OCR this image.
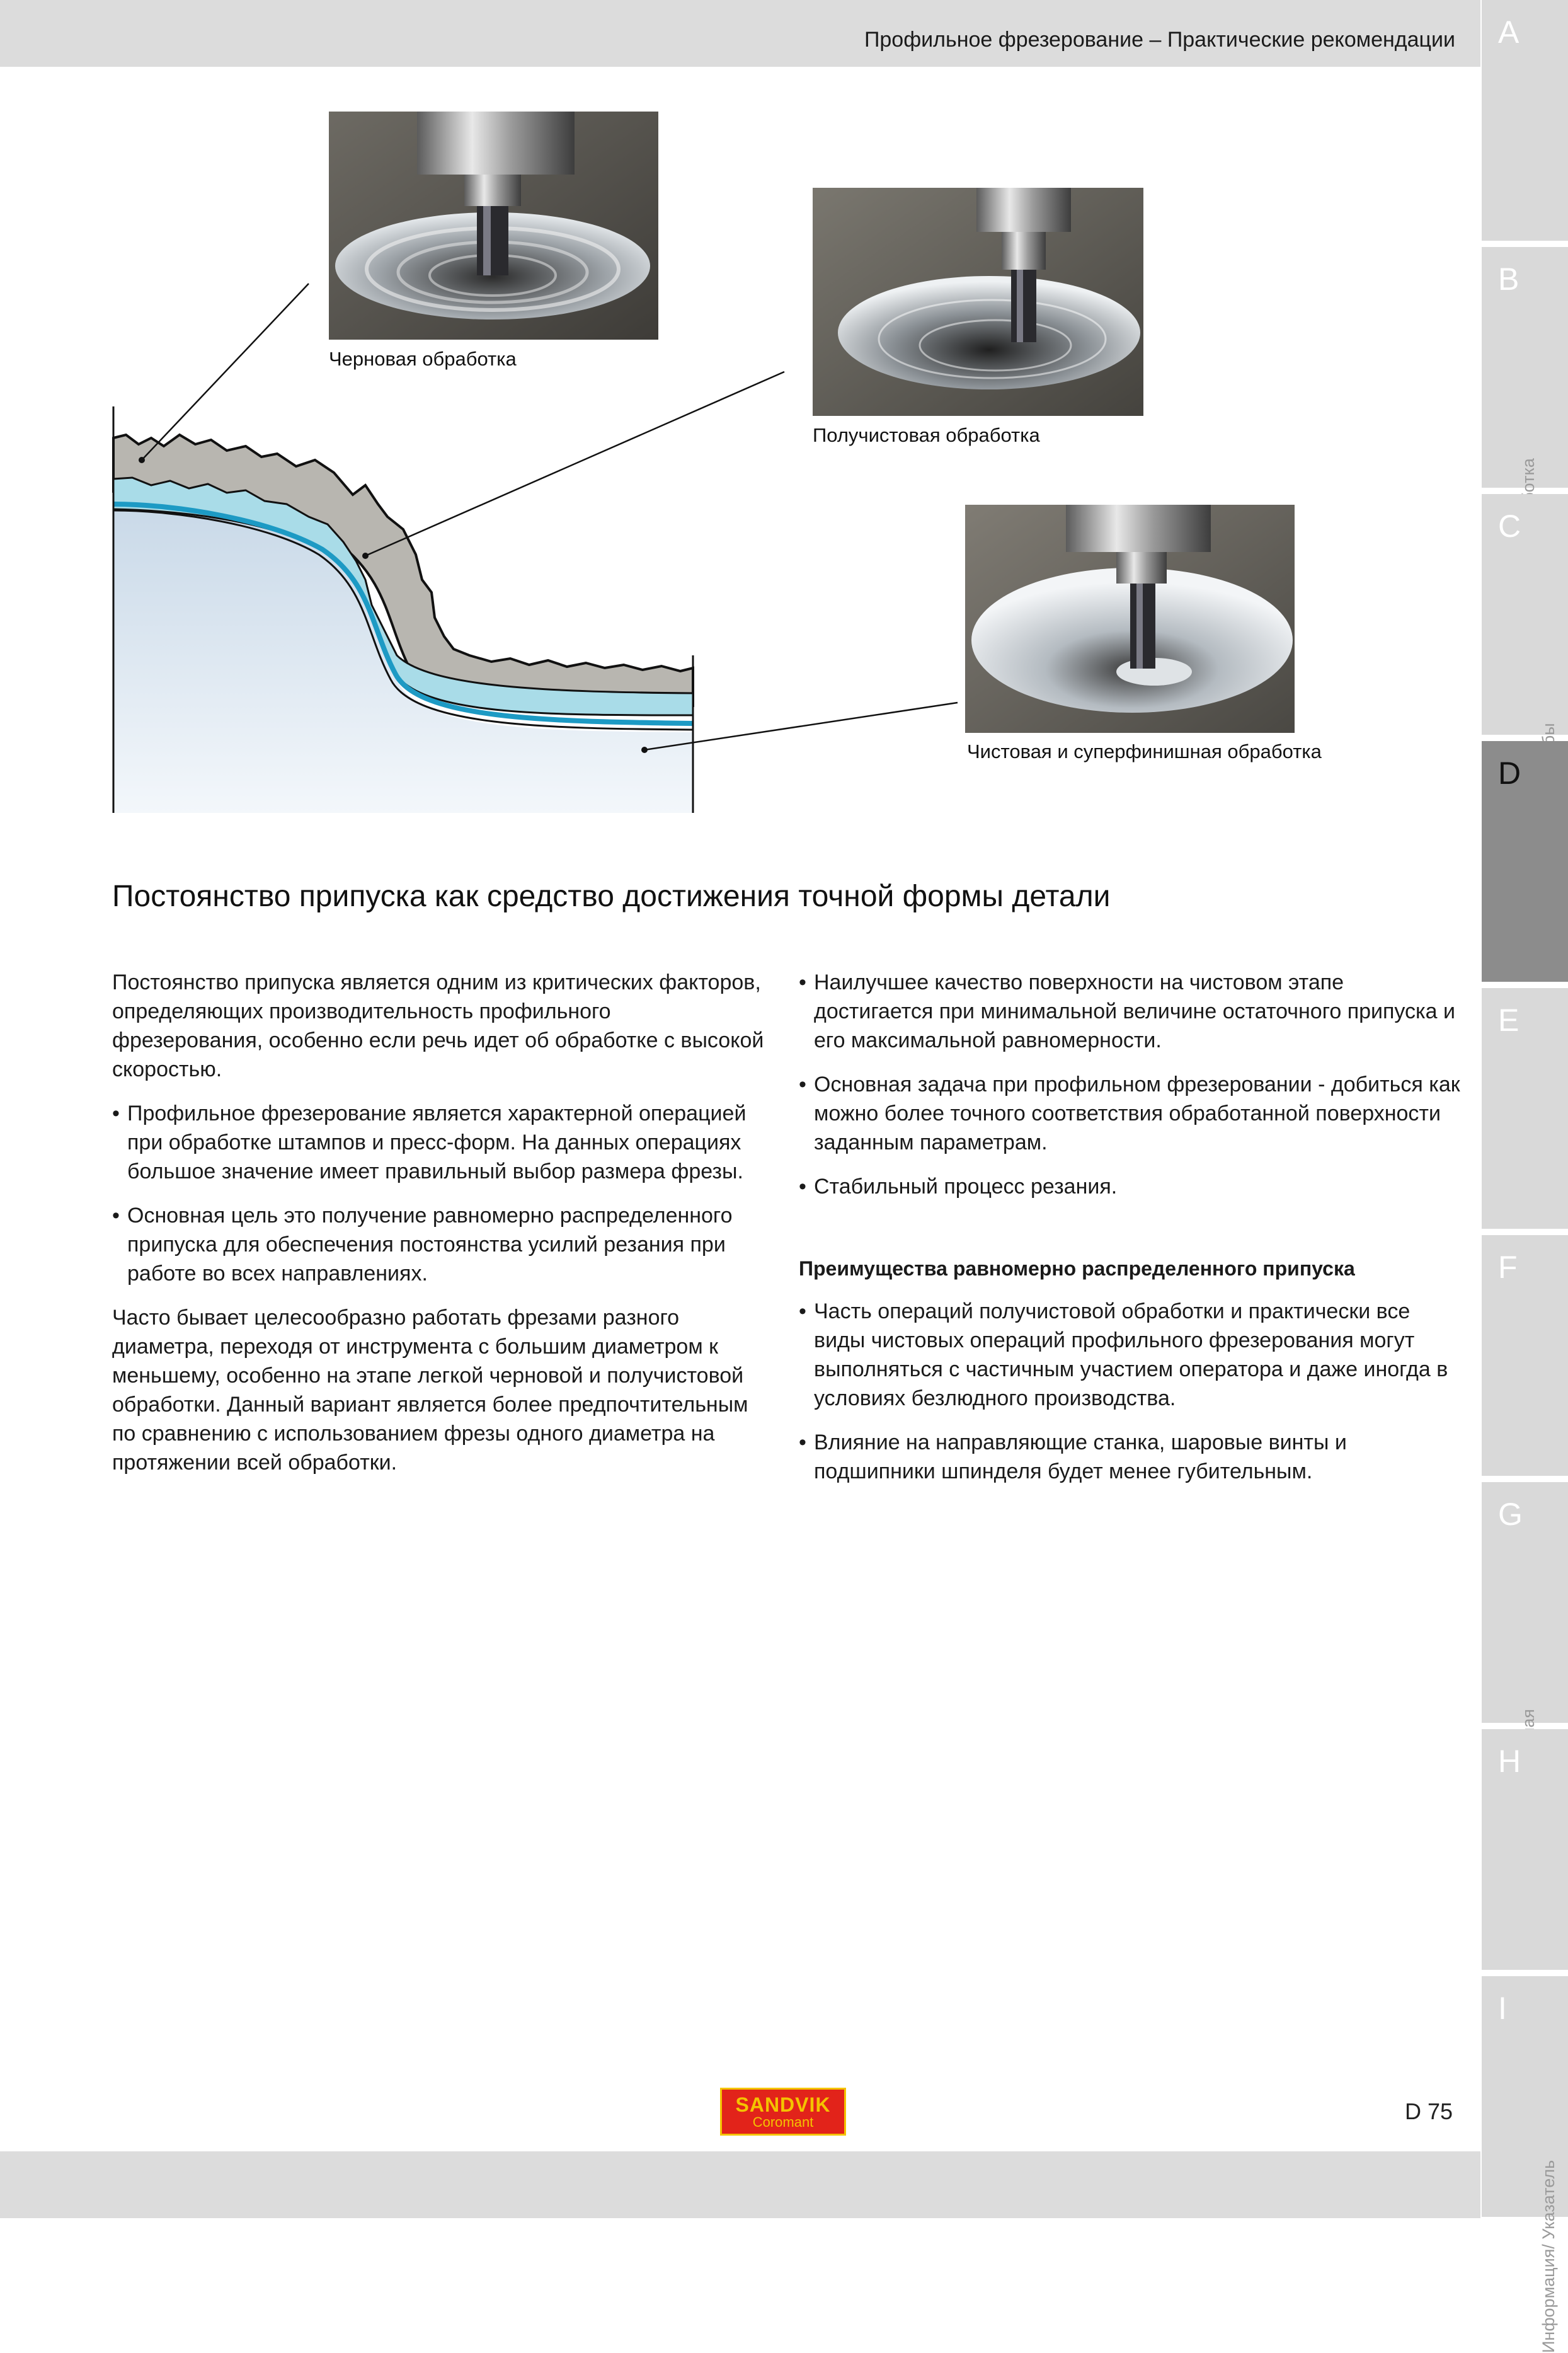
Профильное фрезерование – Практические рекомендации A
B
C
D
E
F
G
H
I
Информация/ Указатель
Черновая обработка
Получистовая обработка
Чистовая и суперфинишная обработка
Постоянство припуска как средство достижения точной формы детали

Постоянство припуска является одним из критических факторов, определяющих производительность профильного фрезерования, особенно если речь идет об обработке с высокой скоростью.

• Профильное фрезерование является характерной операцией при обработке штампов и пресс-форм. На данных операциях большое значение имеет правильный выбор размера фрезы.
• Основная цель это получение равномерно распределенного припуска для обеспечения постоянства усилий резания при работе во всех направлениях.

Часто бывает целесообразно работать фрезами разного диаметра, переходя от инструмента с большим диаметром к меньшему, особенно на этапе легкой черновой и получистовой обработки. Данный вариант является более предпочтительным по сравнению с использованием фрезы одного диаметра на протяжении всей обработки.

• Наилучшее качество поверхности на чистовом этапе достигается при минимальной величине остаточного припуска и его максимальной равномерности.
• Основная задача при профильном фрезеровании - добиться как можно более точного соответствия обработанной поверхности заданным параметрам.
• Стабильный процесс резания.
Преимущества равномерно распределенного припуска
• Часть операций получистовой обработки и практически все виды чистовых операций профильного фрезерования могут выполняться с частичным участием оператора и даже иногда в условиях безлюдного производства.
• Влияние на направляющие станка, шаровые винты и подшипники шпинделя будет менее губительным.
SANDVIK
Coromant	D 75
